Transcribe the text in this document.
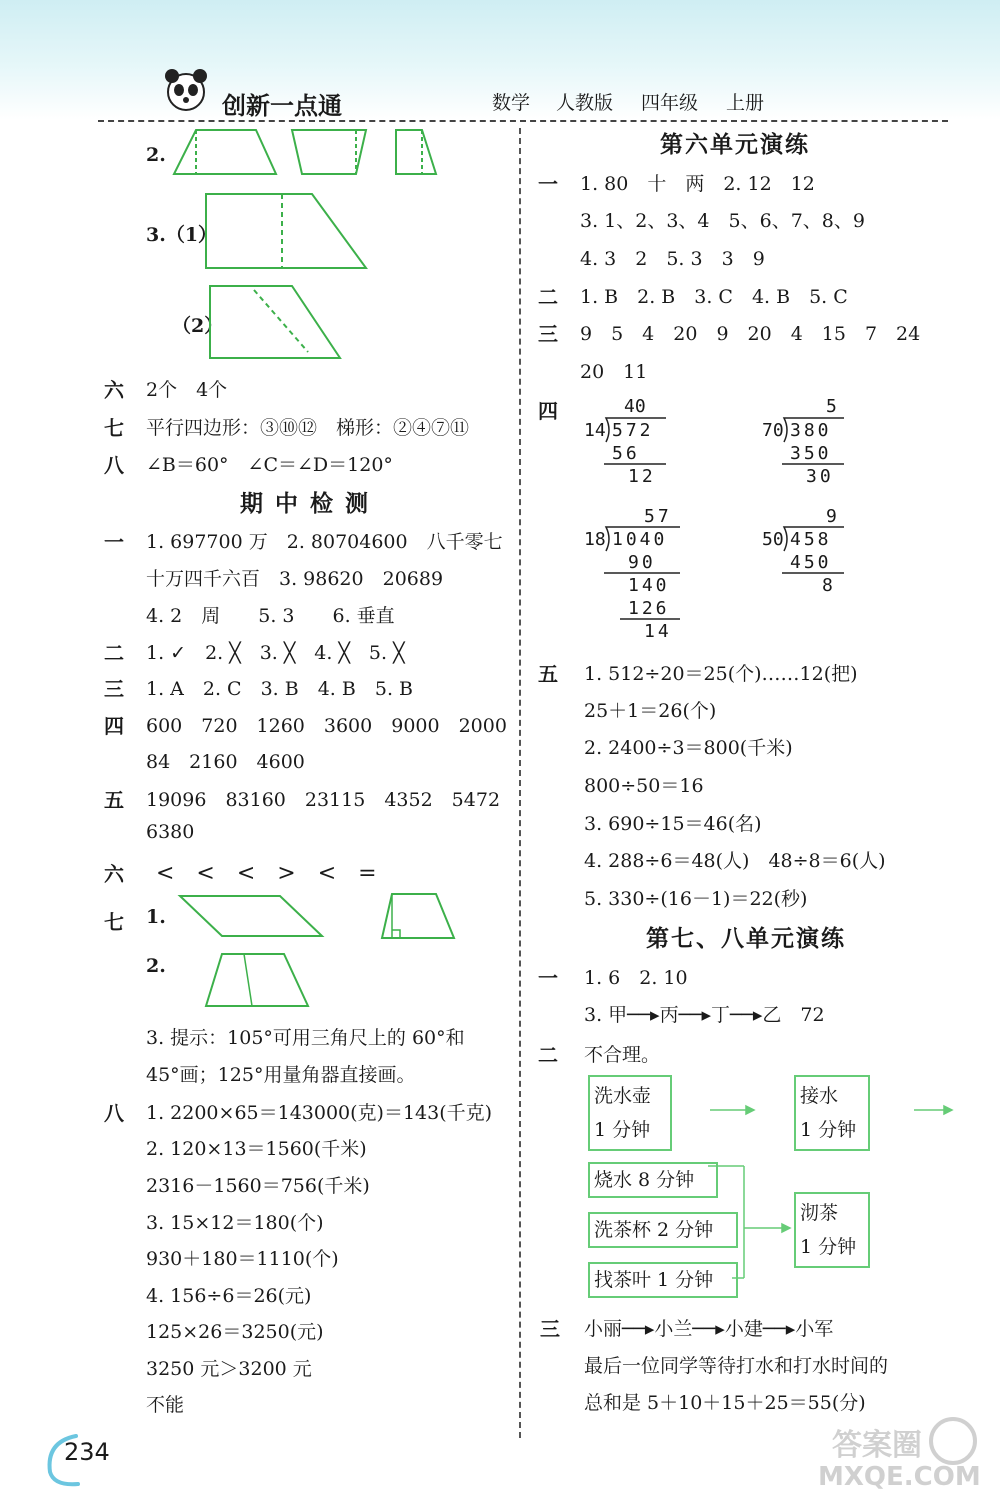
创新一点通	数学 人教版 四年级 上册
2.
3.（1）
（2）
六 2个　4个
七 平行四边形：③⑩⑫　梯形：②④⑦⑪
八 ∠B＝60°　∠C＝∠D＝120°
期 中 检 测
一 1. 697700 万　2. 80704600　八千零七
十万四千六百　3. 98620　20689
4. 2　周　　5. 3　　6. 垂直
二 1. ✓　2. ╳　3. ╳　4. ╳　5. ╳
三 1. A　2. C　3. B　4. B　5. B
四 600　720　1260　3600　9000　2000
84　2160　4600
五 19096　83160　23115　4352　5472
6380
六 <　<　<　>　<　=
七 1.
2.
3. 提示：105°可用三角尺上的 60°和
45°画；125°用量角器直接画。
八 1. 2200×65＝143000(克)＝143(千克)
2. 120×13＝1560(千米)
2316－1560＝756(千米)
3. 15×12＝180(个)
930＋180＝1110(个)
4. 156÷6＝26(元)
125×26＝3250(元)
3250 元＞3200 元
不能
第六单元演练
一 1. 80　十　两　2. 12　12
3. 1、2、3、4　5、6、7、8、9
4. 3　2　5. 3　3　9
二 1. B　2. B　3. C　4. B　5. C
三 9　5　4　20　9　20　4　15　7　24
20　11
四	40
14 572
56
12
5
70 380
350
30
57
18 1040
90
140
126
14
9
50 458
450
8
五 1. 512÷20＝25(个)……12(把)
25＋1＝26(个)
2. 2400÷3＝800(千米)
800÷50＝16
3. 690÷15＝46(名)
4. 288÷6＝48(人)　48÷8＝6(人)
5. 330÷(16－1)＝22(秒)
第七、八单元演练
一 1. 6　2. 10
3. 甲──▸丙──▸丁──▸乙　72
二 不合理。
洗水壶
1 分钟
接水
1 分钟
烧水 8 分钟
洗茶杯 2 分钟
找茶叶 1 分钟
沏茶
1 分钟
三 小丽──▸小兰──▸小建──▸小军
最后一位同学等待打水和打水时间的
总和是 5＋10＋15＋25＝55(分)
234	答案圈
MXQE.COM
